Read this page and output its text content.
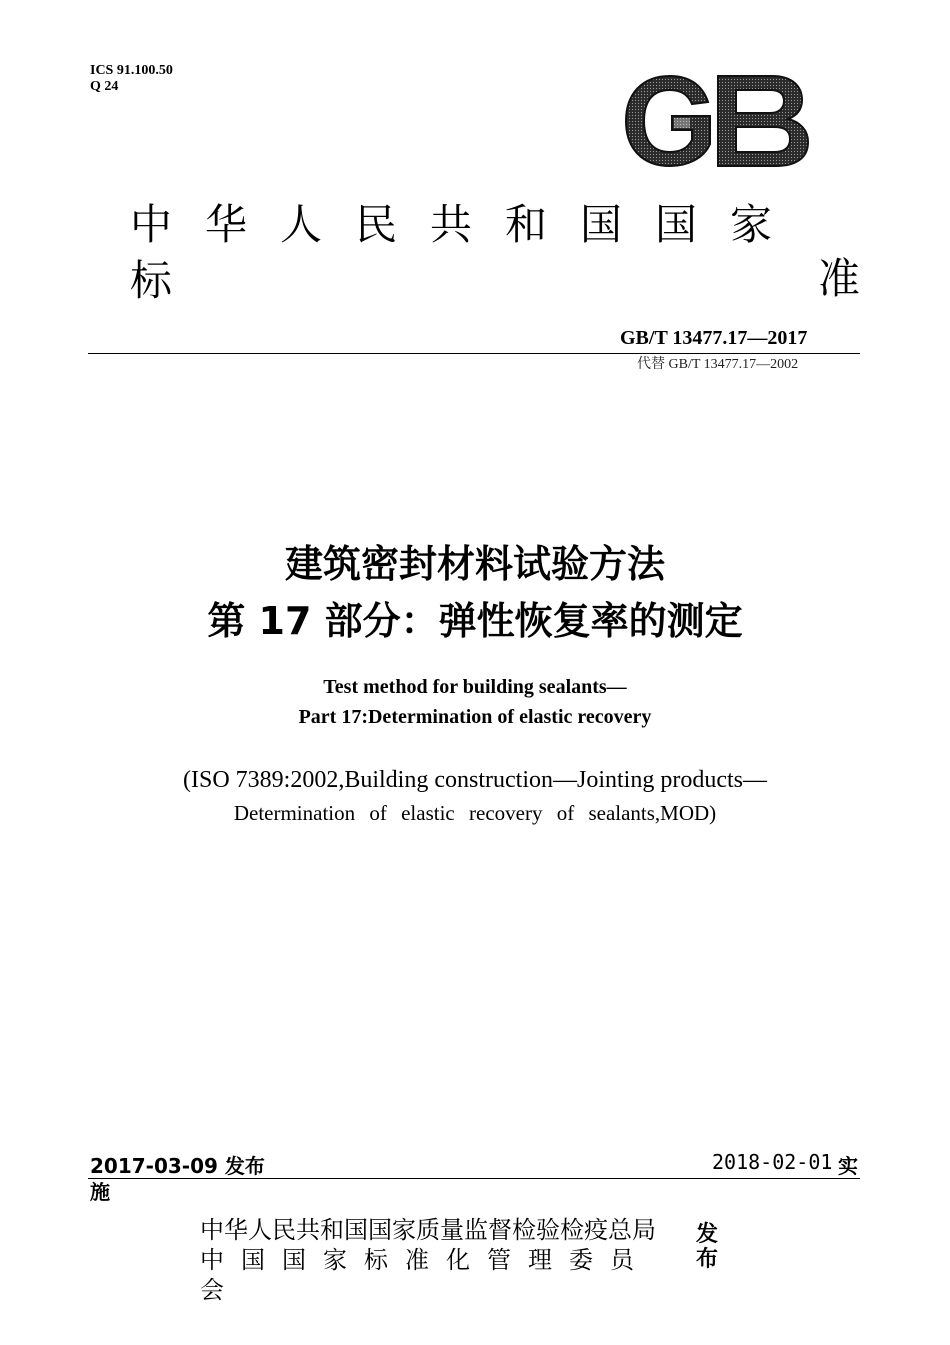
ICS 91.100.50
Q 24
GB
中华人民共和国国家标	准
GB/T 13477.17—2017
代替 GB/T 13477.17—2002
建筑密封材料试验方法
第 17 部分：弹性恢复率的测定
Test method for building sealants—
Part 17:Determination of elastic recovery
(ISO 7389:2002,Building construction—Jointing products—
Determination of elastic recovery of sealants,MOD)
2017-03-09 发布	2018-02-01 实
施
中华人民共和国国家质量监督检验检疫总局
中国国家标准化管理委员
会
发布
